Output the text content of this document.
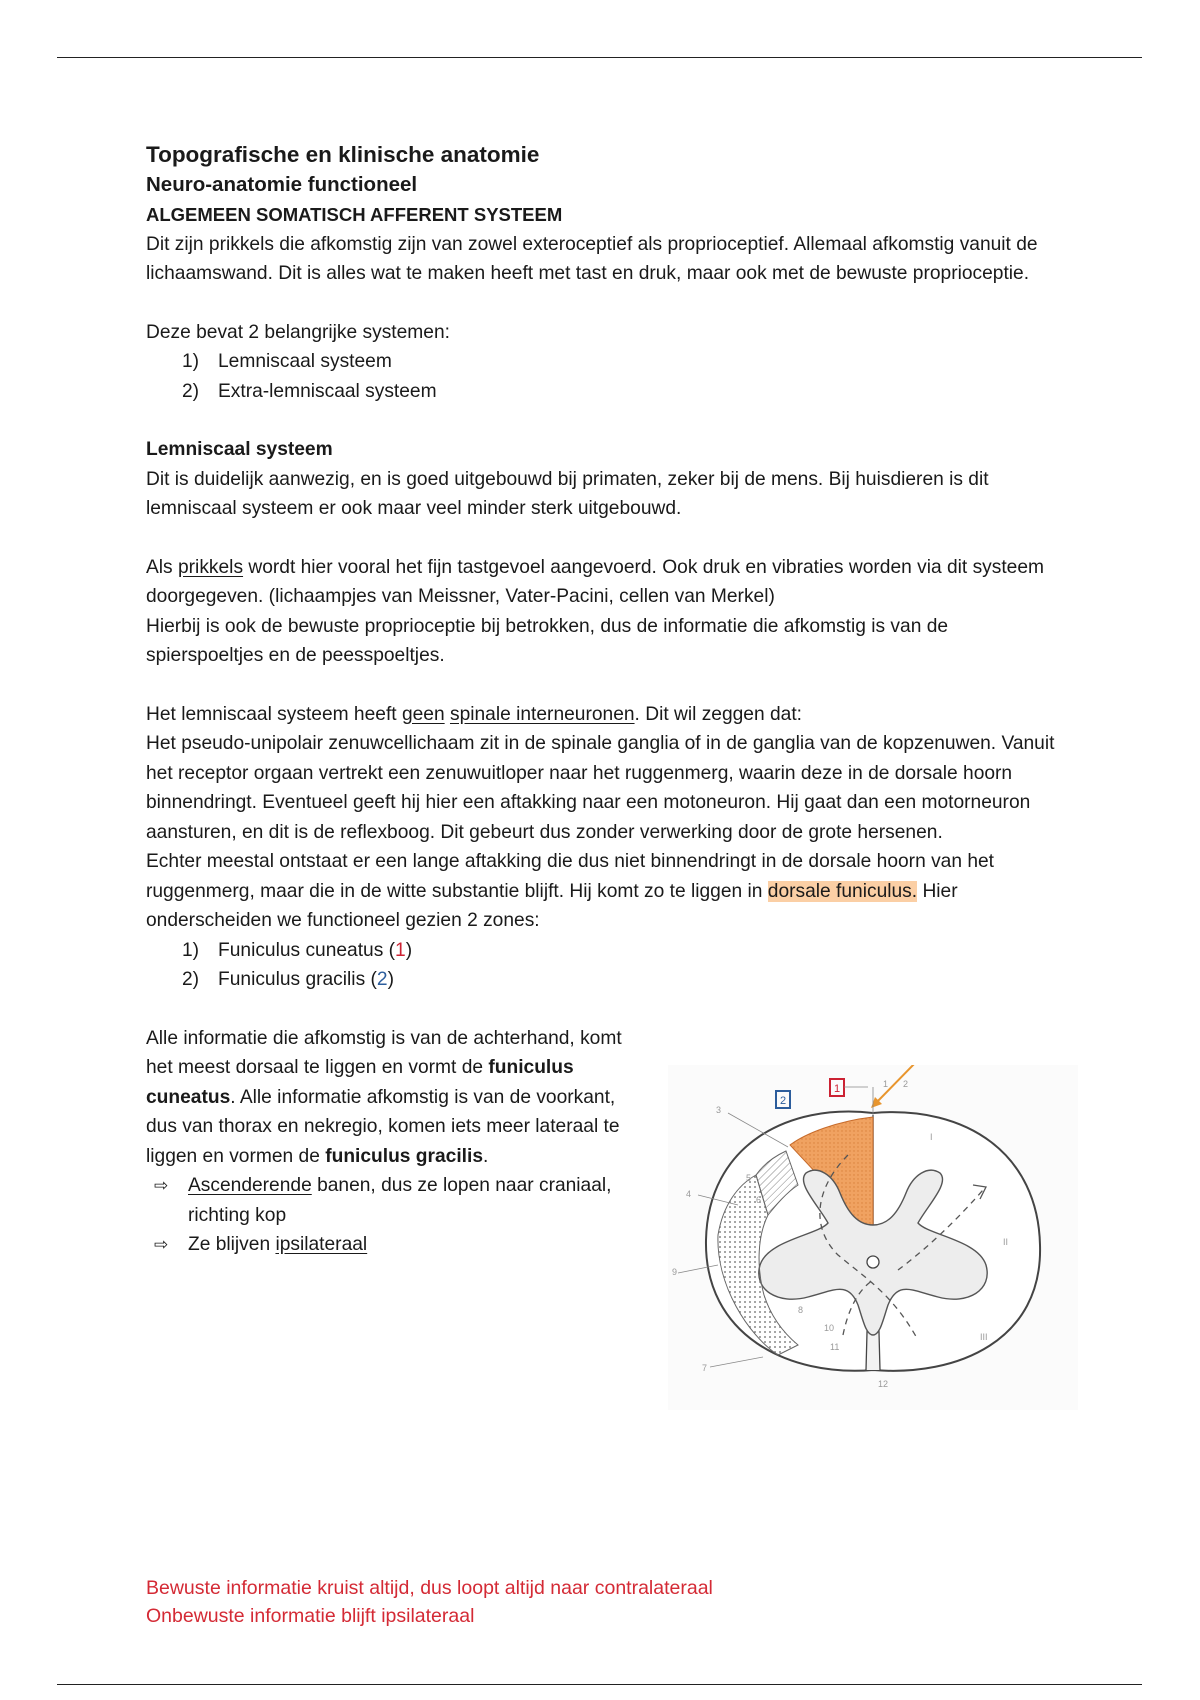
Topografische en klinische anatomie

Neuro-anatomie functioneel

ALGEMEEN SOMATISCH AFFERENT SYSTEEM

Dit zijn prikkels die afkomstig zijn van zowel exteroceptief als proprioceptief. Allemaal afkomstig vanuit de lichaamswand. Dit is alles wat te maken heeft met tast en druk, maar ook met de bewuste proprioceptie.

Deze bevat 2 belangrijke systemen:

1) Lemniscaal systeem
2) Extra-lemniscaal systeem

Lemniscaal systeem

Dit is duidelijk aanwezig, en is goed uitgebouwd bij primaten, zeker bij de mens. Bij huisdieren is dit lemniscaal systeem er ook maar veel minder sterk uitgebouwd.

Als prikkels wordt hier vooral het fijn tastgevoel aangevoerd. Ook druk en vibraties worden via dit systeem doorgegeven. (lichaampjes van Meissner, Vater-Pacini, cellen van Merkel)

Hierbij is ook de bewuste proprioceptie bij betrokken, dus de informatie die afkomstig is van de spierspoeltjes en de peesspoeltjes.

Het lemniscaal systeem heeft geen spinale interneuronen. Dit wil zeggen dat:

Het pseudo-unipolair zenuwcellichaam zit in de spinale ganglia of in de ganglia van de kopzenuwen. Vanuit het receptor orgaan vertrekt een zenuwuitloper naar het ruggenmerg, waarin deze in de dorsale hoorn binnendringt. Eventueel geeft hij hier een aftakking naar een motoneuron. Hij gaat dan een motorneuron aansturen, en dit is de reflexboog. Dit gebeurt dus zonder verwerking door de grote hersenen.

Echter meestal ontstaat er een lange aftakking die dus niet binnendringt in de dorsale hoorn van het ruggenmerg, maar die in de witte substantie blijft. Hij komt zo te liggen in dorsale funiculus. Hier onderscheiden we functioneel gezien 2 zones:

1) Funiculus cuneatus (1)
2) Funiculus gracilis (2)

Alle informatie die afkomstig is van de achterhand, komt het meest dorsaal te liggen en vormt de funiculus cuneatus. Alle informatie afkomstig is van de voorkant, dus van thorax en nekregio, komen iets meer lateraal te liggen en vormen de funiculus gracilis.

⇨ Ascenderende banen, dus ze lopen naar craniaal, richting kop
⇨ Ze blijven ipsilateraal
2
1	1 2
3
4
5
6
7
8
9
10
11
12
I
II
III
Bewuste informatie kruist altijd, dus loopt altijd naar contralateraal
Onbewuste informatie blijft ipsilateraal
